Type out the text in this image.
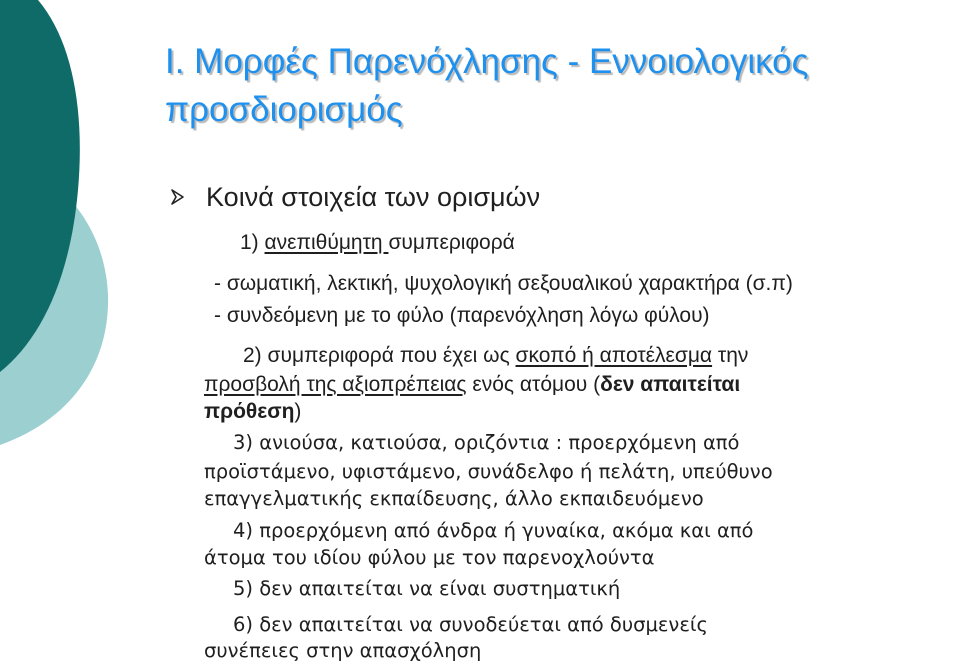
I. Μορφές Παρενόχλησης - Εννοιολογικός
προσδιορισμός
Κοινά στοιχεία των ορισμών
1) ανεπιθύμητη συμπεριφορά
- σωματική, λεκτική, ψυχολογική σεξουαλικού χαρακτήρα (σ.π)
- συνδεόμενη με το φύλο (παρενόχληση λόγω φύλου)
2) συμπεριφορά που έχει ως σκοπό ή αποτέλεσμα την
προσβολή της αξιοπρέπειας ενός ατόμου (δεν απαιτείται
πρόθεση)
3) ανιούσα, κατιούσα, οριζόντια : προερχόμενη από
προϊστάμενο, υφιστάμενο, συνάδελφο ή πελάτη, υπεύθυνο
επαγγελματικής εκπαίδευσης, άλλο εκπαιδευόμενο
4) προερχόμενη από άνδρα ή γυναίκα, ακόμα και από
άτομα του ιδίου φύλου με τον παρενοχλούντα
5) δεν απαιτείται να είναι συστηματική
6) δεν απαιτείται να συνοδεύεται από δυσμενείς
συνέπειες στην απασχόληση
